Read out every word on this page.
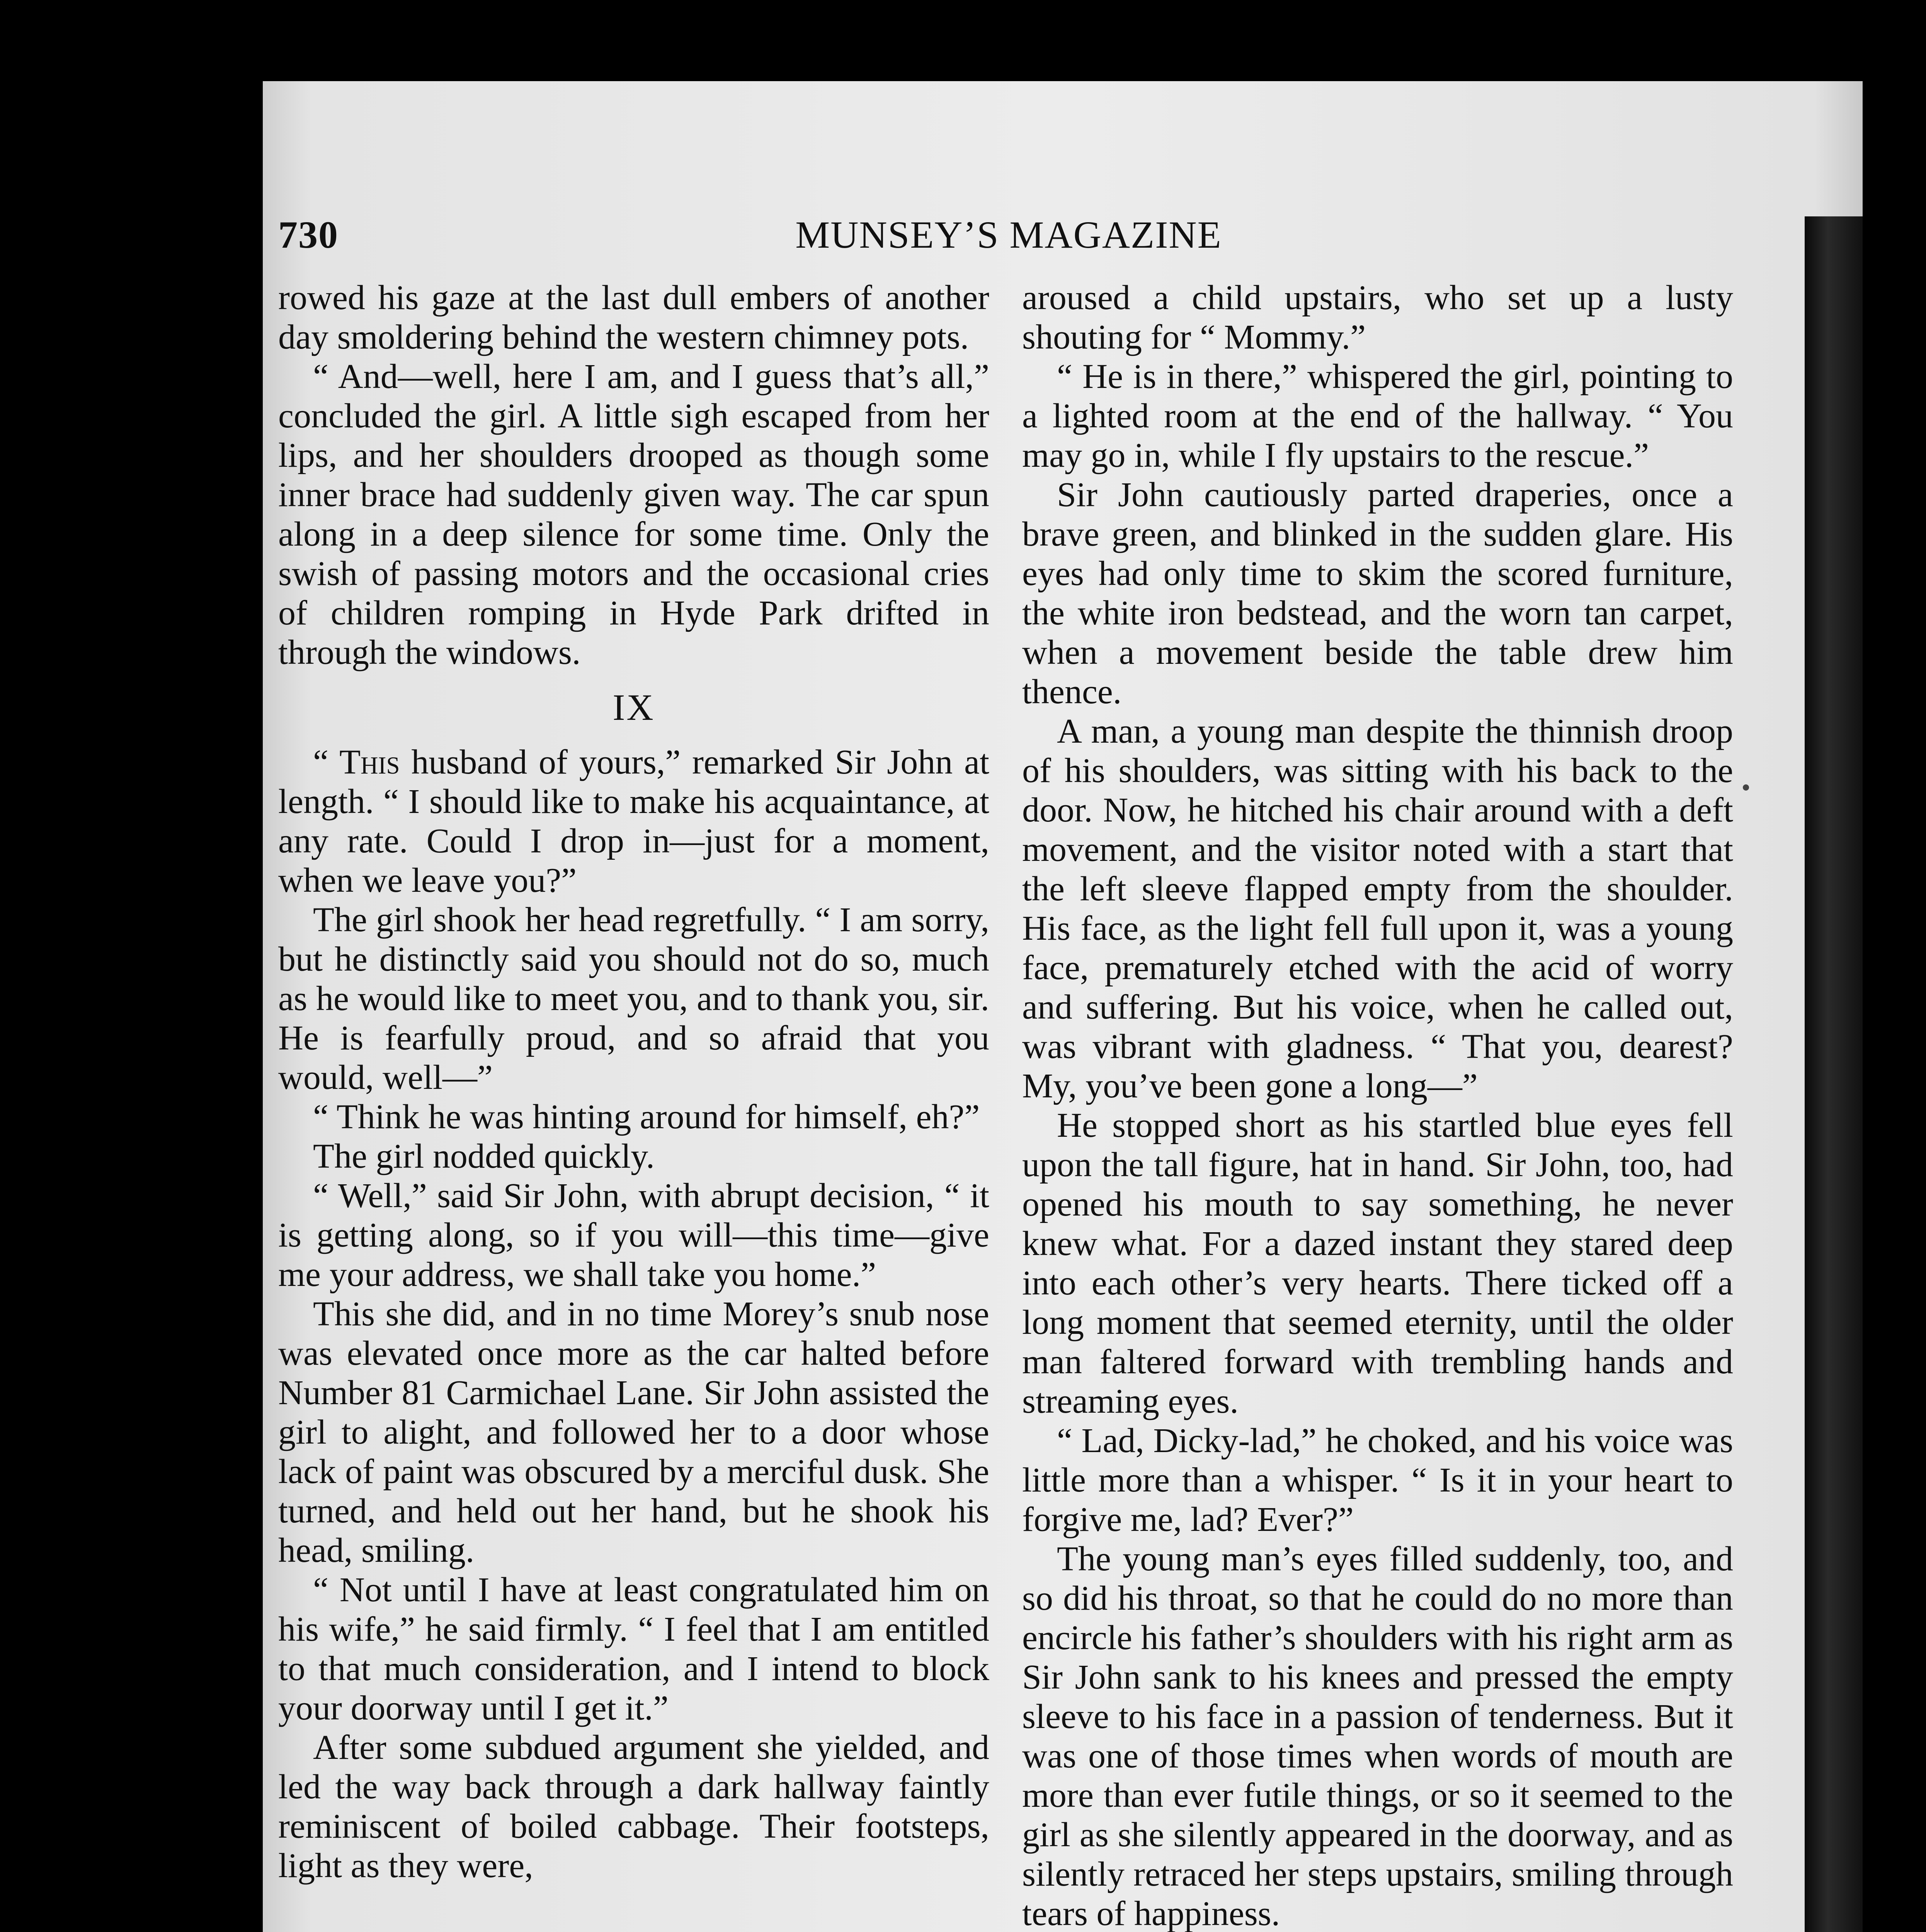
MUNSEY’S MAGAZINE
730

rowed his gaze at the last dull embers of another day smoldering behind the western chimney pots.

“ And—well, here I am, and I guess that’s all,” concluded the girl. A little sigh escaped from her lips, and her shoulders drooped as though some inner brace had suddenly given way. The car spun along in a deep silence for some time. Only the swish of passing motors and the occasional cries of children romping in Hyde Park drifted in through the windows.

IX

“ This husband of yours,” remarked Sir John at length. “ I should like to make his acquaintance, at any rate. Could I drop in—just for a moment, when we leave you?”

The girl shook her head regretfully. “ I am sorry, but he distinctly said you should not do so, much as he would like to meet you, and to thank you, sir. He is fearfully proud, and so afraid that you would, well—”

“ Think he was hinting around for himself, eh?”

The girl nodded quickly.

“ Well,” said Sir John, with abrupt decision, “ it is getting along, so if you will—this time—give me your address, we shall take you home.”

This she did, and in no time Morey’s snub nose was elevated once more as the car halted before Number 81 Carmichael Lane. Sir John assisted the girl to alight, and followed her to a door whose lack of paint was obscured by a merciful dusk. She turned, and held out her hand, but he shook his head, smiling.

“ Not until I have at least congratulated him on his wife,” he said firmly. “ I feel that I am entitled to that much consideration, and I intend to block your doorway until I get it.”

After some subdued argument she yielded, and led the way back through a dark hallway faintly reminiscent of boiled cabbage. Their footsteps, light as they were,

aroused a child upstairs, who set up a lusty shouting for “ Mommy.”

“ He is in there,” whispered the girl, pointing to a lighted room at the end of the hallway. “ You may go in, while I fly upstairs to the rescue.”

Sir John cautiously parted draperies, once a brave green, and blinked in the sudden glare. His eyes had only time to skim the scored furniture, the white iron bedstead, and the worn tan carpet, when a movement beside the table drew him thence.

A man, a young man despite the thinnish droop of his shoulders, was sitting with his back to the door. Now, he hitched his chair around with a deft movement, and the visitor noted with a start that the left sleeve flapped empty from the shoulder. His face, as the light fell full upon it, was a young face, prematurely etched with the acid of worry and suffering. But his voice, when he called out, was vibrant with gladness. “ That you, dearest? My, you’ve been gone a long—”

He stopped short as his startled blue eyes fell upon the tall figure, hat in hand. Sir John, too, had opened his mouth to say something, he never knew what. For a dazed instant they stared deep into each other’s very hearts. There ticked off a long moment that seemed eternity, until the older man faltered forward with trembling hands and streaming eyes.

“ Lad, Dicky-lad,” he choked, and his voice was little more than a whisper. “ Is it in your heart to forgive me, lad? Ever?”

The young man’s eyes filled suddenly, too, and so did his throat, so that he could do no more than encircle his father’s shoulders with his right arm as Sir John sank to his knees and pressed the empty sleeve to his face in a passion of tenderness. But it was one of those times when words of mouth are more than ever futile things, or so it seemed to the girl as she silently appeared in the doorway, and as silently retraced her steps upstairs, smiling through tears of happiness.
